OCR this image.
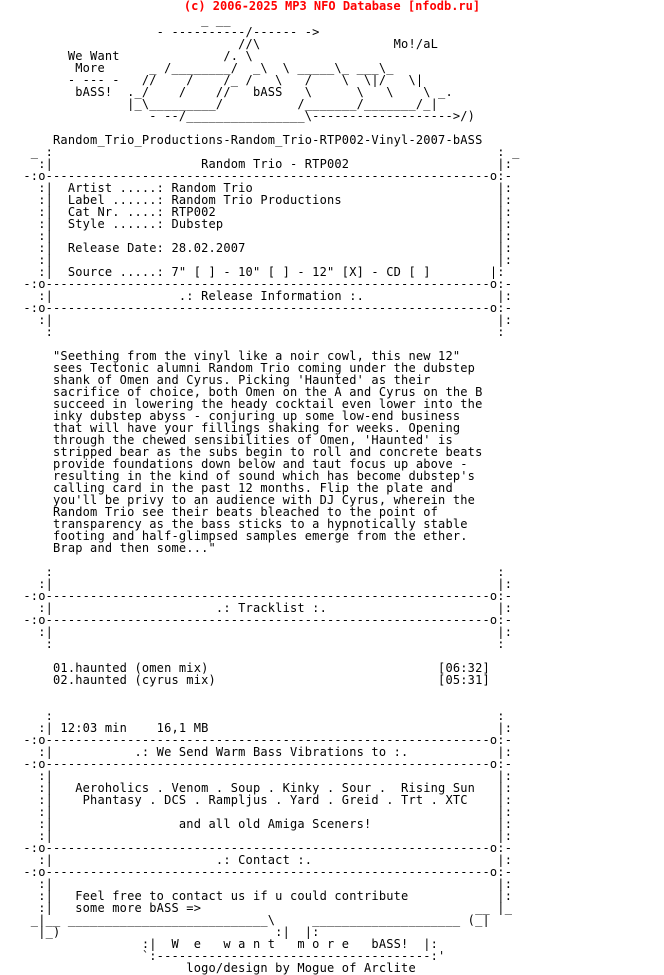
(c) 2006-2025 MP3 NFO Database [nfodb.ru]
_ __
- ----------/------ ->
//\                  Mo!/aL
We Want              /. \
More      _ /________/  _\  \ _____\_ ___\_
- --- -   //    /    /_ /   \   /    \  \|/   \|
bASS!  ._/    /    //   bASS   \      \   \    \ _.
|_\_________/          /_______/_______/_|
- --/________________\------------------->/)
Random_Trio_Productions-Random_Trio-RTP002-Vinyl-2007-bASS
_ :                                                            : _
:|                    Random Trio - RTP002                    |:
-:o------------------------------------------------------------o:-
:|  Artist .....: Random Trio                                 |:
:|  Label ......: Random Trio Productions                     |:
:|  Cat Nr. ....: RTP002                                      |:
:|  Style ......: Dubstep                                     |:
:|                                                            |:
:|  Release Date: 28.02.2007                                  |:
:|                                                            |:
:|  Source .....: 7" [ ] - 10" [ ] - 12" [X] - CD [ ]        |:
-:o------------------------------------------------------------o:-
:|                 .: Release Information :.                  |:
-:o------------------------------------------------------------o:-
:|                                                            |:
:                                                            :
"Seething from the vinyl like a noir cowl, this new 12"
sees Tectonic alumni Random Trio coming under the dubstep
shank of Omen and Cyrus. Picking 'Haunted' as their
sacrifice of choice, both Omen on the A and Cyrus on the B
succeed in lowering the heady cocktail even lower into the
inky dubstep abyss - conjuring up some low-end business
that will have your fillings shaking for weeks. Opening
through the chewed sensibilities of Omen, 'Haunted' is
stripped bear as the subs begin to roll and concrete beats
provide foundations down below and taut focus up above -
resulting in the kind of sound which has become dubstep's
calling card in the past 12 months. Flip the plate and
you'll be privy to an audience with DJ Cyrus, wherein the
Random Trio see their beats bleached to the point of
transparency as the bass sticks to a hypnotically stable
footing and half-glimpsed samples emerge from the ether.
Brap and then some..."
:                                                            :
:|                                                            |:
-:o------------------------------------------------------------o:-
:|                      .: Tracklist :.                       |:
-:o------------------------------------------------------------o:-
:|                                                            |:
:                                                            :
01.haunted (omen mix)                               [06:32]
02.haunted (cyrus mix)                              [05:31]
:                                                            :
:| 12:03 min    16,1 MB                                       |:
-:o------------------------------------------------------------o:-
:|           .: We Send Warm Bass Vibrations to :.            |:
-:o------------------------------------------------------------o:-
:|                                                            |:
:|   Aeroholics . Venom . Soup . Kinky . Sour .  Rising Sun   |:
:|    Phantasy . DCS . Rampljus . Yard . Greid . Trt . XTC    |:
:|                                                            |:
:|                 and all old Amiga Sceners!                 |:
:|                                                            |:
-:o------------------------------------------------------------o:-
:|                      .: Contact :.                         |:
-:o------------------------------------------------------------o:-
:|                                                            |:
:|   Feel free to contact us if u could contribute            |:
:|   some more bASS =>                                     __ |_
_|__ ___________________________\     ____________________ (_|
|_)                             :|  |:
:|  W  e   w a n t   m o r e   bASS!  |:
`:-------------------------------------:'
logo/design by Mogue of Arclite
